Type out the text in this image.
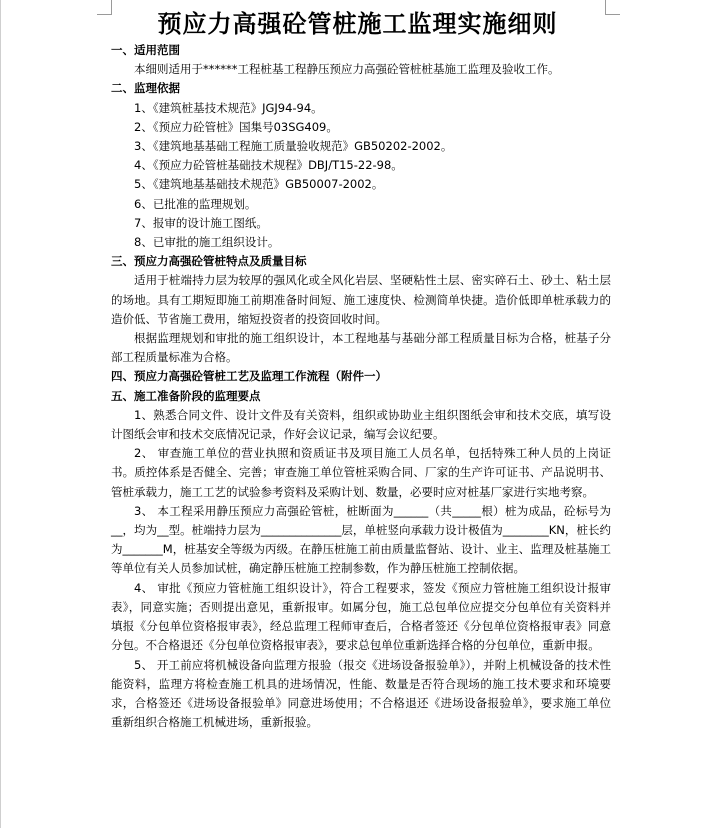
预应力高强砼管桩施工监理实施细则
一、适用范围
本细则适用于******工程桩基工程静压预应力高强砼管桩桩基施工监理及验收工作。
二、监理依据
1、《建筑桩基技术规范》JGJ94-94。
2、《预应力砼管桩》国集号03SG409。
3、《建筑地基基础工程施工质量验收规范》GB50202-2002。
4、《预应力砼管桩基础技术规程》DBJ/T15-22-98。
5、《建筑地基基础技术规范》GB50007-2002。
6、已批准的监理规划。
7、报审的设计施工图纸。
8、已审批的施工组织设计。
三、预应力高强砼管桩特点及质量目标
适用于桩端持力层为较厚的强风化或全风化岩层、坚硬粘性土层、密实碎石土、砂土、粘土层的场地。具有工期短即施工前期准备时间短、施工速度快、检测简单快捷。造价低即单桩承载力的造价低、节省施工费用，缩短投资者的投资回收时间。
根据监理规划和审批的施工组织设计，本工程地基与基础分部工程质量目标为合格，桩基子分部工程质量标准为合格。
四、预应力高强砼管桩工艺及监理工作流程（附件一）
五、施工准备阶段的监理要点
1、熟悉合同文件、设计文件及有关资料，组织或协助业主组织图纸会审和技术交底，填写设计图纸会审和技术交底情况记录，作好会议记录，编写会议纪要。
2、 审查施工单位的营业执照和资质证书及项目施工人员名单，包括特殊工种人员的上岗证书。质控体系是否健全、完善；审查施工单位管桩采购合同、厂家的生产许可证书、产品说明书、管桩承载力，施工工艺的试验参考资料及采购计划、数量，必要时应对桩基厂家进行实地考察。
3、 本工程采用静压预应力高强砼管桩，桩断面为______（共_____根）桩为成品，砼标号为__，均为__型。桩端持力层为______________层，单桩竖向承载力设计极值为________KN，桩长约为_______M，桩基安全等级为丙级。在静压桩施工前由质量监督站、设计、业主、监理及桩基施工等单位有关人员参加试桩，确定静压桩施工控制参数，作为静压桩施工控制依据。
4、 审批《预应力管桩施工组织设计》，符合工程要求，签发《预应力管桩施工组织设计报审表》，同意实施；否则提出意见，重新报审。如属分包，施工总包单位应提交分包单位有关资料并填报《分包单位资格报审表》，经总监理工程师审查后，合格者签还《分包单位资格报审表》同意分包。不合格退还《分包单位资格报审表》，要求总包单位重新选择合格的分包单位，重新申报。
5、 开工前应将机械设备向监理方报验（报交《进场设备报验单》），并附上机械设备的技术性能资料，监理方将检查施工机具的进场情况，性能、数量是否符合现场的施工技术要求和环境要求，合格签还《进场设备报验单》同意进场使用；不合格退还《进场设备报验单》，要求施工单位重新组织合格施工机械进场，重新报验。
